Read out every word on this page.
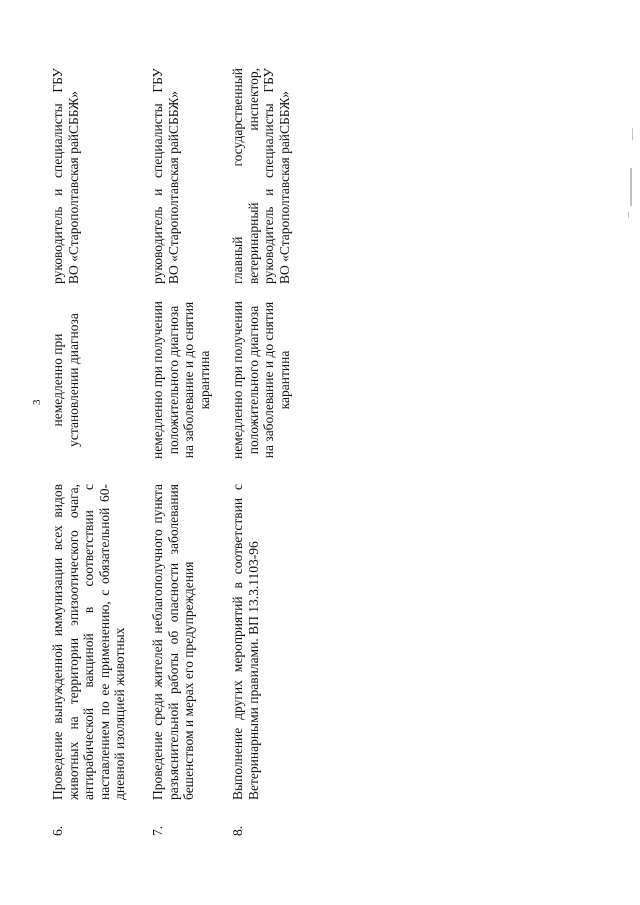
3
6.	Проведение вынужденной иммунизации всех видов животных на территории эпизоотического очага, антирабической вакциной в соответствии с наставлением по ее применению, с обязательной 60-дневной изоляцией животных	немедленно при установлении диагноза	руководитель и специалисты ГБУ ВО «Старополтавская райСББЖ»
7.	Проведение среди жителей неблагополучного пункта разъяснительной работы об опасности заболевания бешенством и мерах его предупреждения	немедленно при получении положительного диагноза на заболевание и до снятия карантина	руководитель и специалисты ГБУ ВО «Старополтавская райСББЖ»
8.	Выполнение других мероприятий в соответствии с Ветеринарными правилами. ВП 13.3.1103-96	немедленно при получении положительного диагноза на заболевание и до снятия карантина	главный государственный ветеринарный инспектор, руководитель и специалисты ГБУ ВО «Старополтавская райСББЖ»
